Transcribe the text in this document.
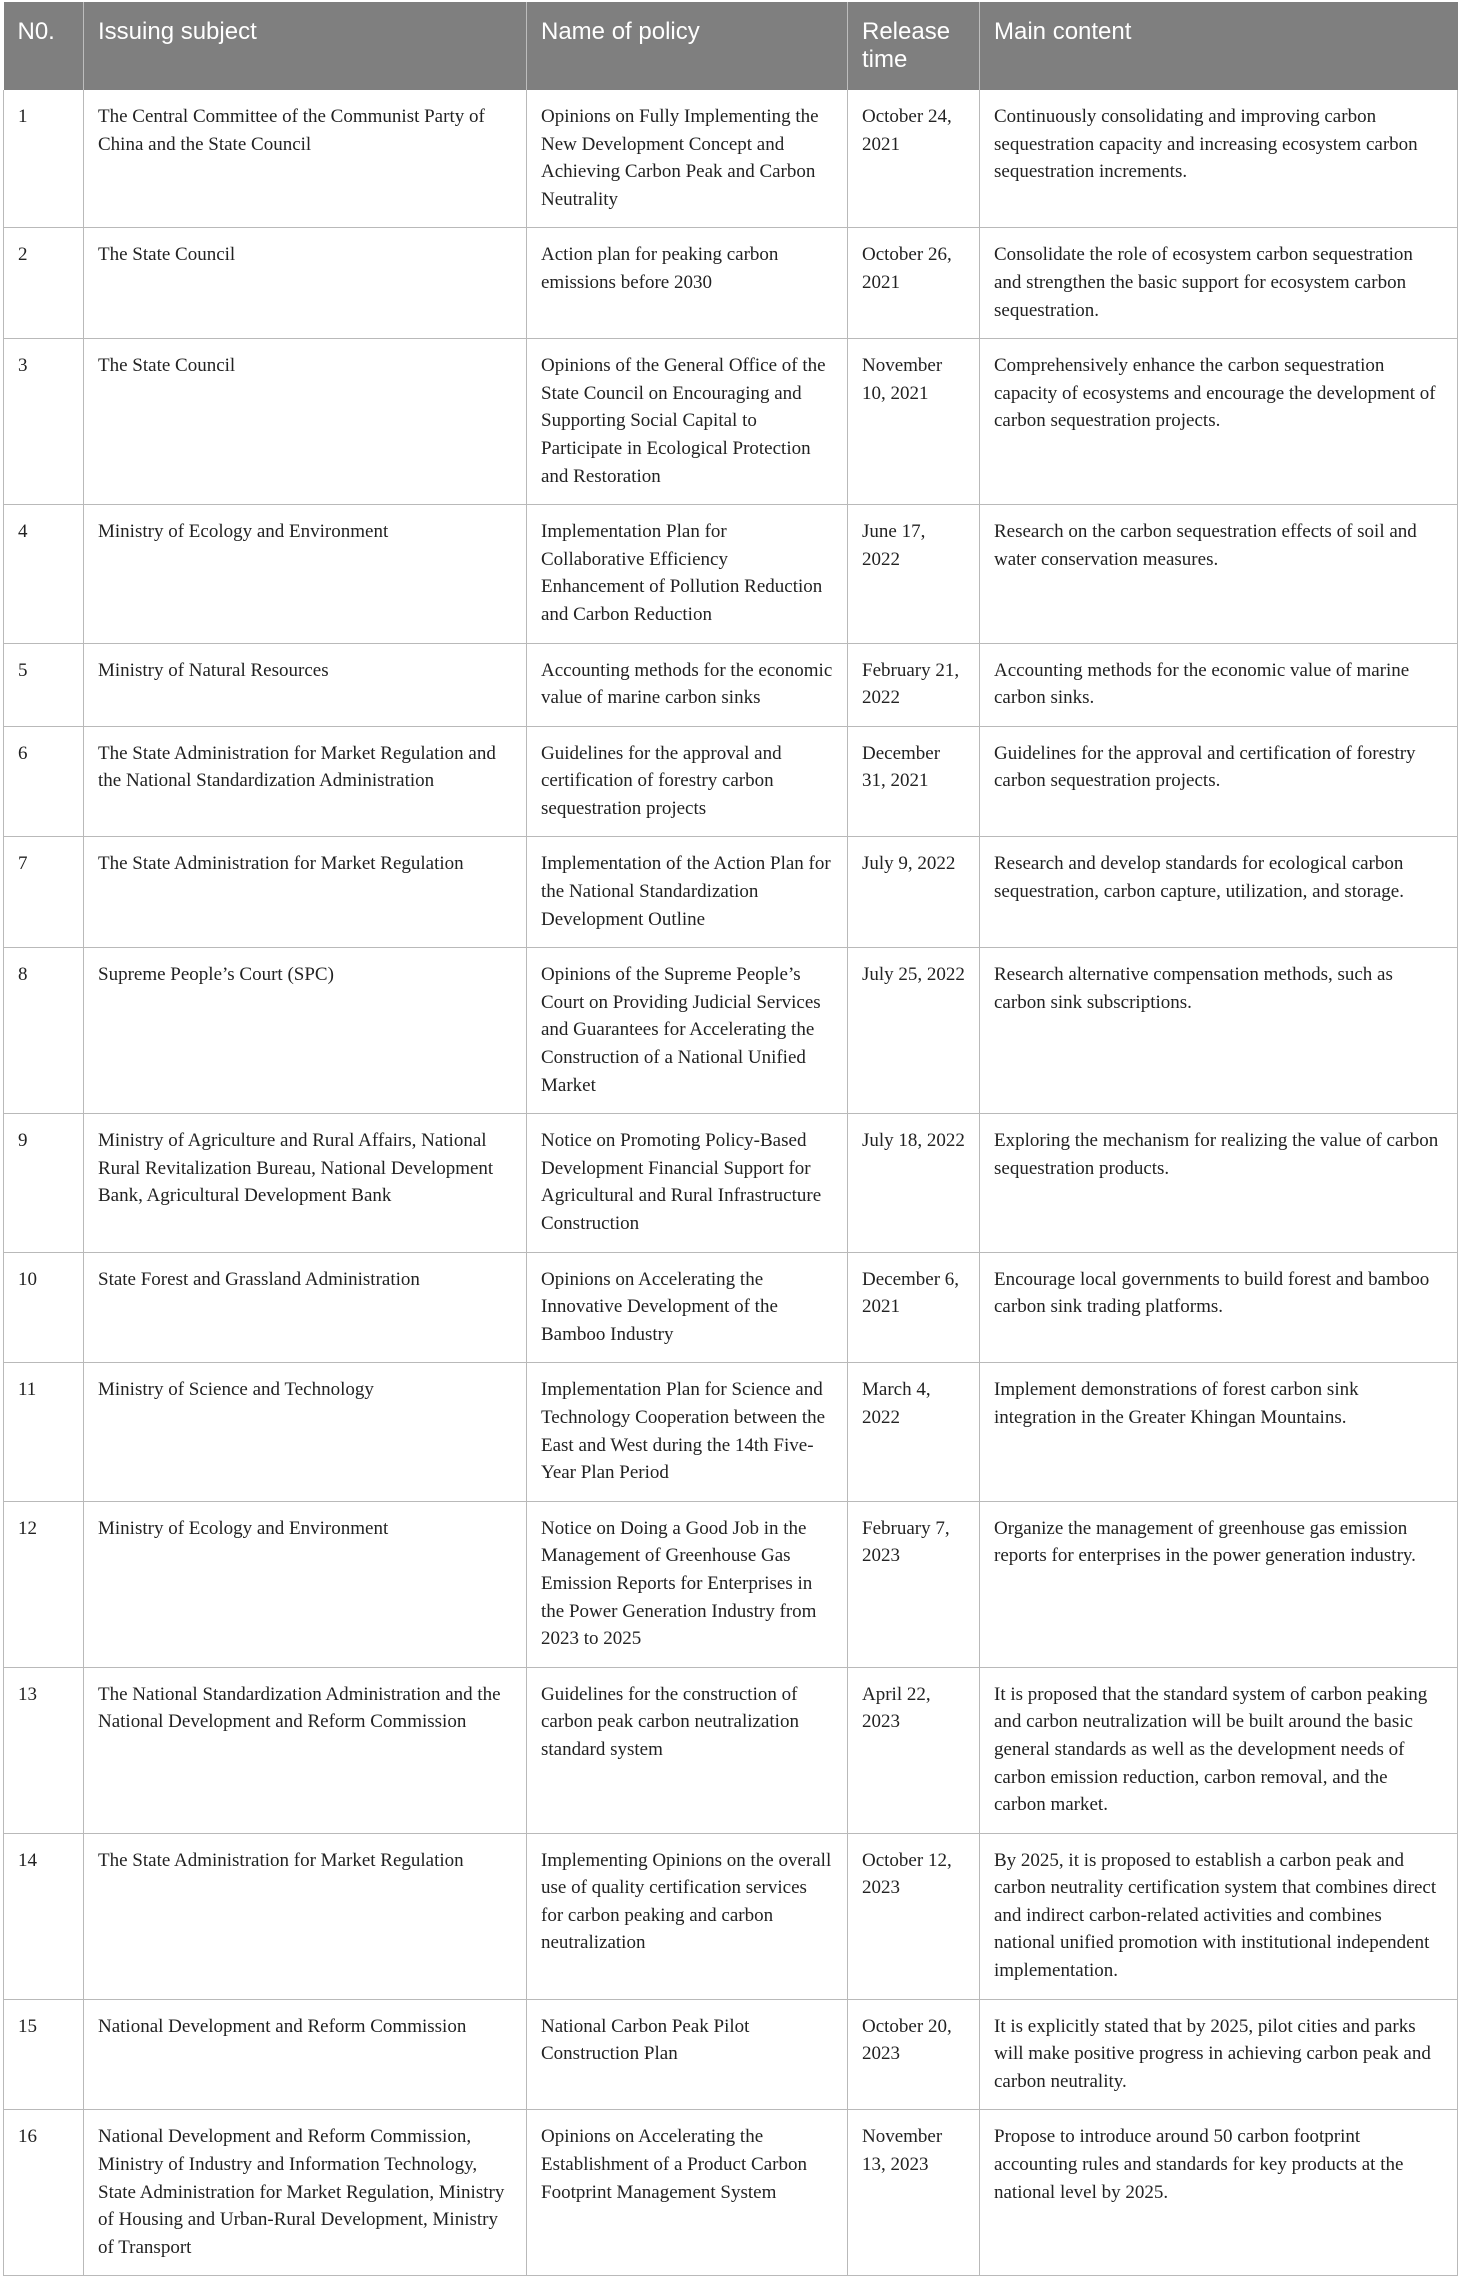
N0.	Issuing subject	Name of policy	Release time	Main content
1	The Central Committee of the Communist Party of China and the State Council	Opinions on Fully Implementing the New Development Concept and Achieving Carbon Peak and Carbon Neutrality	October 24, 2021	Continuously consolidating and improving carbon sequestration capacity and increasing ecosystem carbon sequestration increments.
2	The State Council	Action plan for peaking carbon emissions before 2030	October 26, 2021	Consolidate the role of ecosystem carbon sequestration and strengthen the basic support for ecosystem carbon sequestration.
3	The State Council	Opinions of the General Office of the State Council on Encouraging and Supporting Social Capital to Participate in Ecological Protection and Restoration	November 10, 2021	Comprehensively enhance the carbon sequestration capacity of ecosystems and encourage the development of carbon sequestration projects.
4	Ministry of Ecology and Environment	Implementation Plan for Collaborative Efficiency Enhancement of Pollution Reduction and Carbon Reduction	June 17, 2022	Research on the carbon sequestration effects of soil and water conservation measures.
5	Ministry of Natural Resources	Accounting methods for the economic value of marine carbon sinks	February 21, 2022	Accounting methods for the economic value of marine carbon sinks.
6	The State Administration for Market Regulation and the National Standardization Administration	Guidelines for the approval and certification of forestry carbon sequestration projects	December 31, 2021	Guidelines for the approval and certification of forestry carbon sequestration projects.
7	The State Administration for Market Regulation	Implementation of the Action Plan for the National Standardization Development Outline	July 9, 2022	Research and develop standards for ecological carbon sequestration, carbon capture, utilization, and storage.
8	Supreme People’s Court (SPC)	Opinions of the Supreme People’s Court on Providing Judicial Services and Guarantees for Accelerating the Construction of a National Unified Market	July 25, 2022	Research alternative compensation methods, such as carbon sink subscriptions.
9	Ministry of Agriculture and Rural Affairs, National Rural Revitalization Bureau, National Development Bank, Agricultural Development Bank	Notice on Promoting Policy-Based Development Financial Support for Agricultural and Rural Infrastructure Construction	July 18, 2022	Exploring the mechanism for realizing the value of carbon sequestration products.
10	State Forest and Grassland Administration	Opinions on Accelerating the Innovative Development of the Bamboo Industry	December 6, 2021	Encourage local governments to build forest and bamboo carbon sink trading platforms.
11	Ministry of Science and Technology	Implementation Plan for Science and Technology Cooperation between the East and West during the 14th Five-Year Plan Period	March 4, 2022	Implement demonstrations of forest carbon sink integration in the Greater Khingan Mountains.
12	Ministry of Ecology and Environment	Notice on Doing a Good Job in the Management of Greenhouse Gas Emission Reports for Enterprises in the Power Generation Industry from 2023 to 2025	February 7, 2023	Organize the management of greenhouse gas emission reports for enterprises in the power generation industry.
13	The National Standardization Administration and the National Development and Reform Commission	Guidelines for the construction of carbon peak carbon neutralization standard system	April 22, 2023	It is proposed that the standard system of carbon peaking and carbon neutralization will be built around the basic general standards as well as the development needs of carbon emission reduction, carbon removal, and the carbon market.
14	The State Administration for Market Regulation	Implementing Opinions on the overall use of quality certification services for carbon peaking and carbon neutralization	October 12, 2023	By 2025, it is proposed to establish a carbon peak and carbon neutrality certification system that combines direct and indirect carbon-related activities and combines national unified promotion with institutional independent implementation.
15	National Development and Reform Commission	National Carbon Peak Pilot Construction Plan	October 20, 2023	It is explicitly stated that by 2025, pilot cities and parks will make positive progress in achieving carbon peak and carbon neutrality.
16	National Development and Reform Commission, Ministry of Industry and Information Technology, State Administration for Market Regulation, Ministry of Housing and Urban-Rural Development, Ministry of Transport	Opinions on Accelerating the Establishment of a Product Carbon Footprint Management System	November 13, 2023	Propose to introduce around 50 carbon footprint accounting rules and standards for key products at the national level by 2025.
